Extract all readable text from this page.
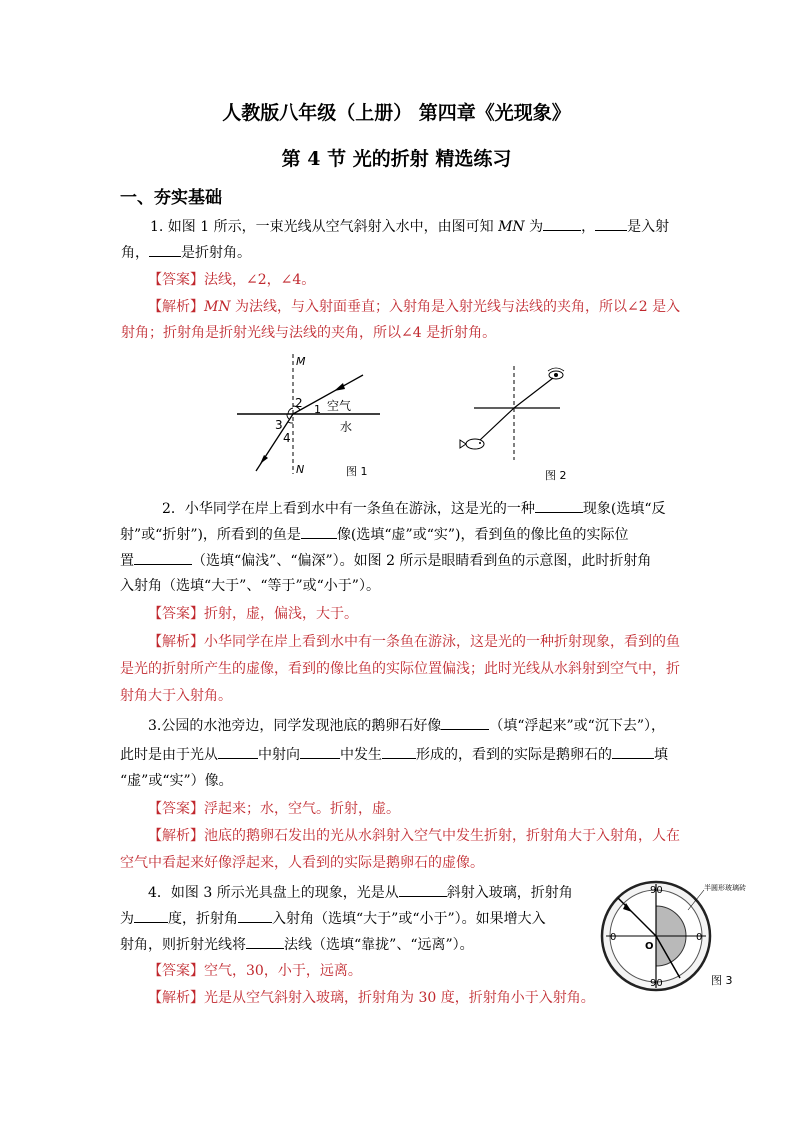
人教版八年级（上册） 第四章《光现象》
第 4 节 光的折射 精选练习
一、夯实基础
1. 如图 1 所示，一束光线从空气斜射入水中，由图可知 MN 为	， 是入射
角， 是折射角。
【答案】法线，∠2，∠4。
【解析】MN 为法线，与入射面垂直；入射角是入射光线与法线的夹角，所以∠2 是入
射角；折射角是折射光线与法线的夹角，所以∠4 是折射角。
M
N
2 1
3
4
空气
水
图 1	图 2
2．小华同学在岸上看到水中有一条鱼在游泳，这是光的一种	现象(选填“反
射”或“折射”)，所看到的鱼是	像(选填“虚”或“实”)，看到鱼的像比鱼的实际位
置	（选填“偏浅”、“偏深”）。如图 2 所示是眼睛看到鱼的示意图，此时折射角
入射角（选填“大于”、“等于”或“小于”）。
【答案】折射，虚，偏浅，大于。
【解析】小华同学在岸上看到水中有一条鱼在游泳，这是光的一种折射现象，看到的鱼
是光的折射所产生的虚像，看到的像比鱼的实际位置偏浅；此时光线从水斜射到空气中，折
射角大于入射角。
3.公园的水池旁边，同学发现池底的鹅卵石好像	（填“浮起来”或“沉下去”），
此时是由于光从	中射向	中发生 形成的，看到的实际是鹅卵石的	填
“虚”或“实”）像。
【答案】浮起来；水，空气。折射，虚。
【解析】池底的鹅卵石发出的光从水斜射入空气中发生折射，折射角大于入射角，人在
空气中看起来好像浮起来，人看到的实际是鹅卵石的虚像。
4．如图 3 所示光具盘上的现象，光是从	斜射入玻璃，折射角
为 度，折射角 入射角（选填“大于”或“小于”）。如果增大入
射角，则折射光线将	法线（选填“靠拢”、“远离”）。
【答案】空气，30，小于，远离。
【解析】光是从空气斜射入玻璃，折射角为 30 度，折射角小于入射角。
90
90
0	0
O
半圆形玻璃砖
图 3
